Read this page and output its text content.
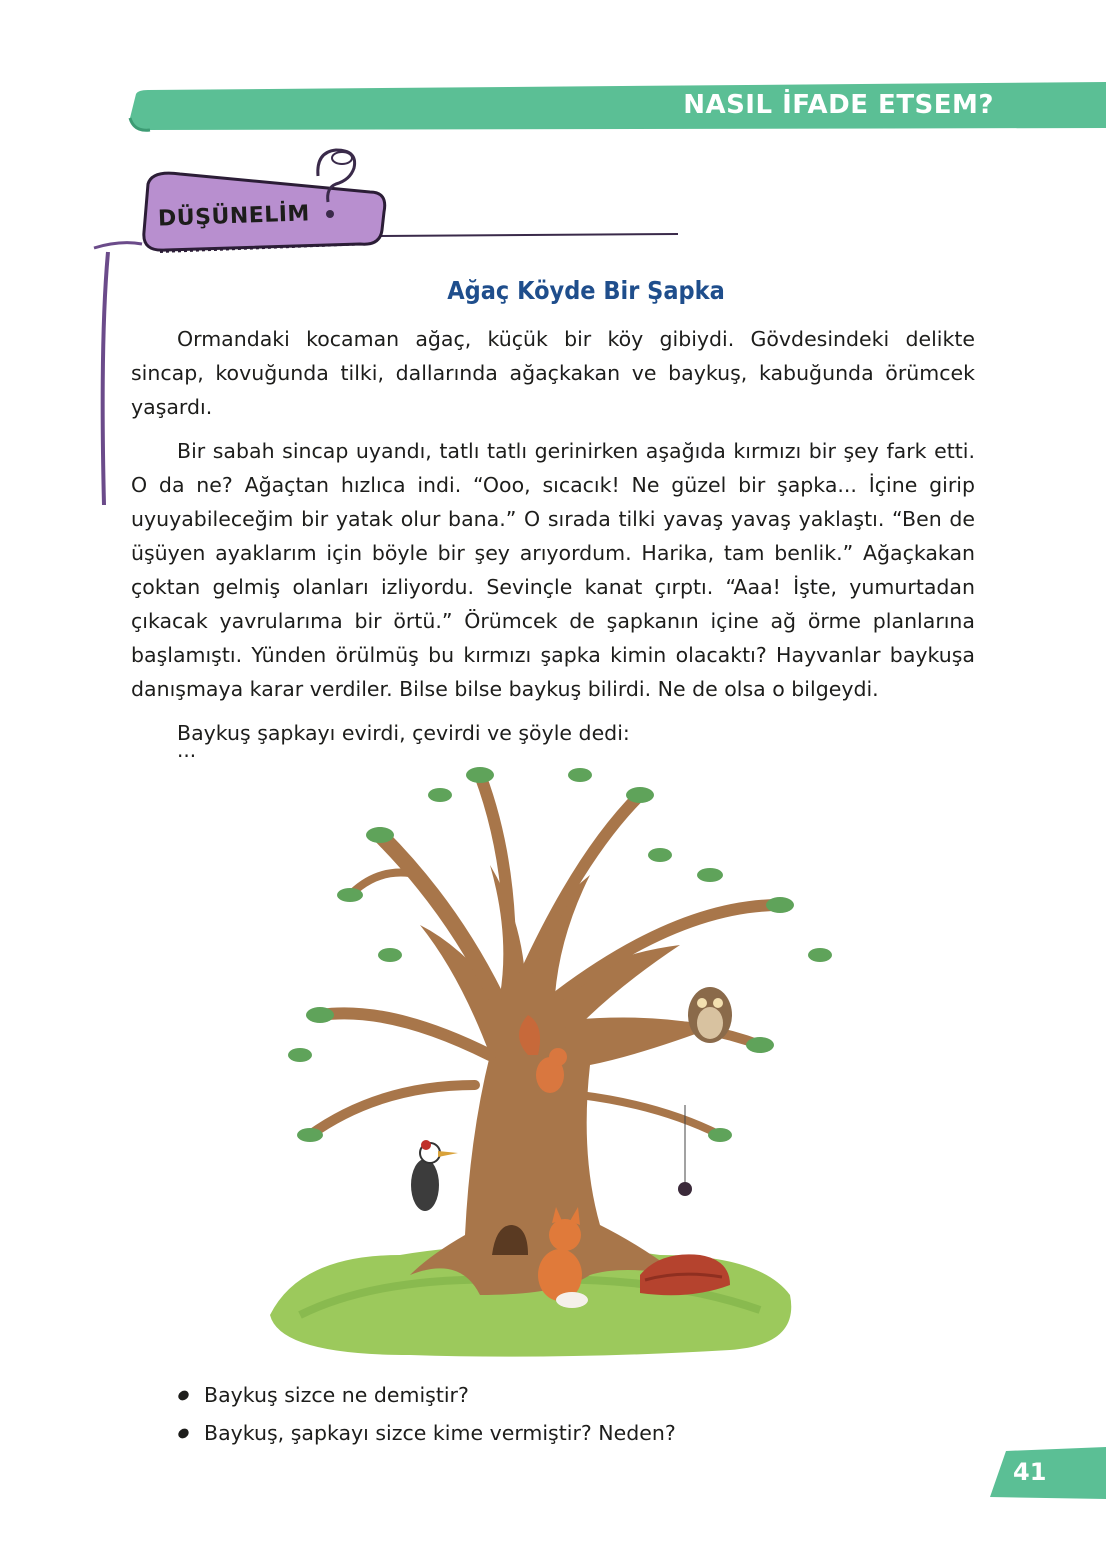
NASIL İFADE ETSEM?
DÜŞÜNELİM
Ağaç Köyde Bir Şapka

Ormandaki kocaman ağaç, küçük bir köy gibiydi. Gövdesindeki delikte sincap, kovuğunda tilki, dallarında ağaçkakan ve baykuş, kabuğunda örümcek yaşardı.

Bir sabah sincap uyandı, tatlı tatlı gerinirken aşağıda kırmızı bir şey fark etti. O da ne? Ağaçtan hızlıca indi. “Ooo, sıcacık! Ne güzel bir şapka... İçine girip uyuyabileceğim bir yatak olur bana.” O sırada tilki yavaş yavaş yaklaştı. “Ben de üşüyen ayaklarım için böyle bir şey arıyordum. Harika, tam benlik.” Ağaçkakan çoktan gelmiş olanları izliyordu. Sevinçle kanat çırptı. “Aaa! İşte, yumurtadan çıkacak yavrularıma bir örtü.” Örümcek de şapkanın içine ağ örme planlarına başlamıştı. Yünden örülmüş bu kırmızı şapka kimin olacaktı? Hayvanlar baykuşa danışmaya karar verdiler. Bilse bilse baykuş bilirdi. Ne de olsa o bilgeydi.

Baykuş şapkayı evirdi, çevirdi ve şöyle dedi:

...
Baykuş sizce ne demiştir?
Baykuş, şapkayı sizce kime vermiştir? Neden?
41
